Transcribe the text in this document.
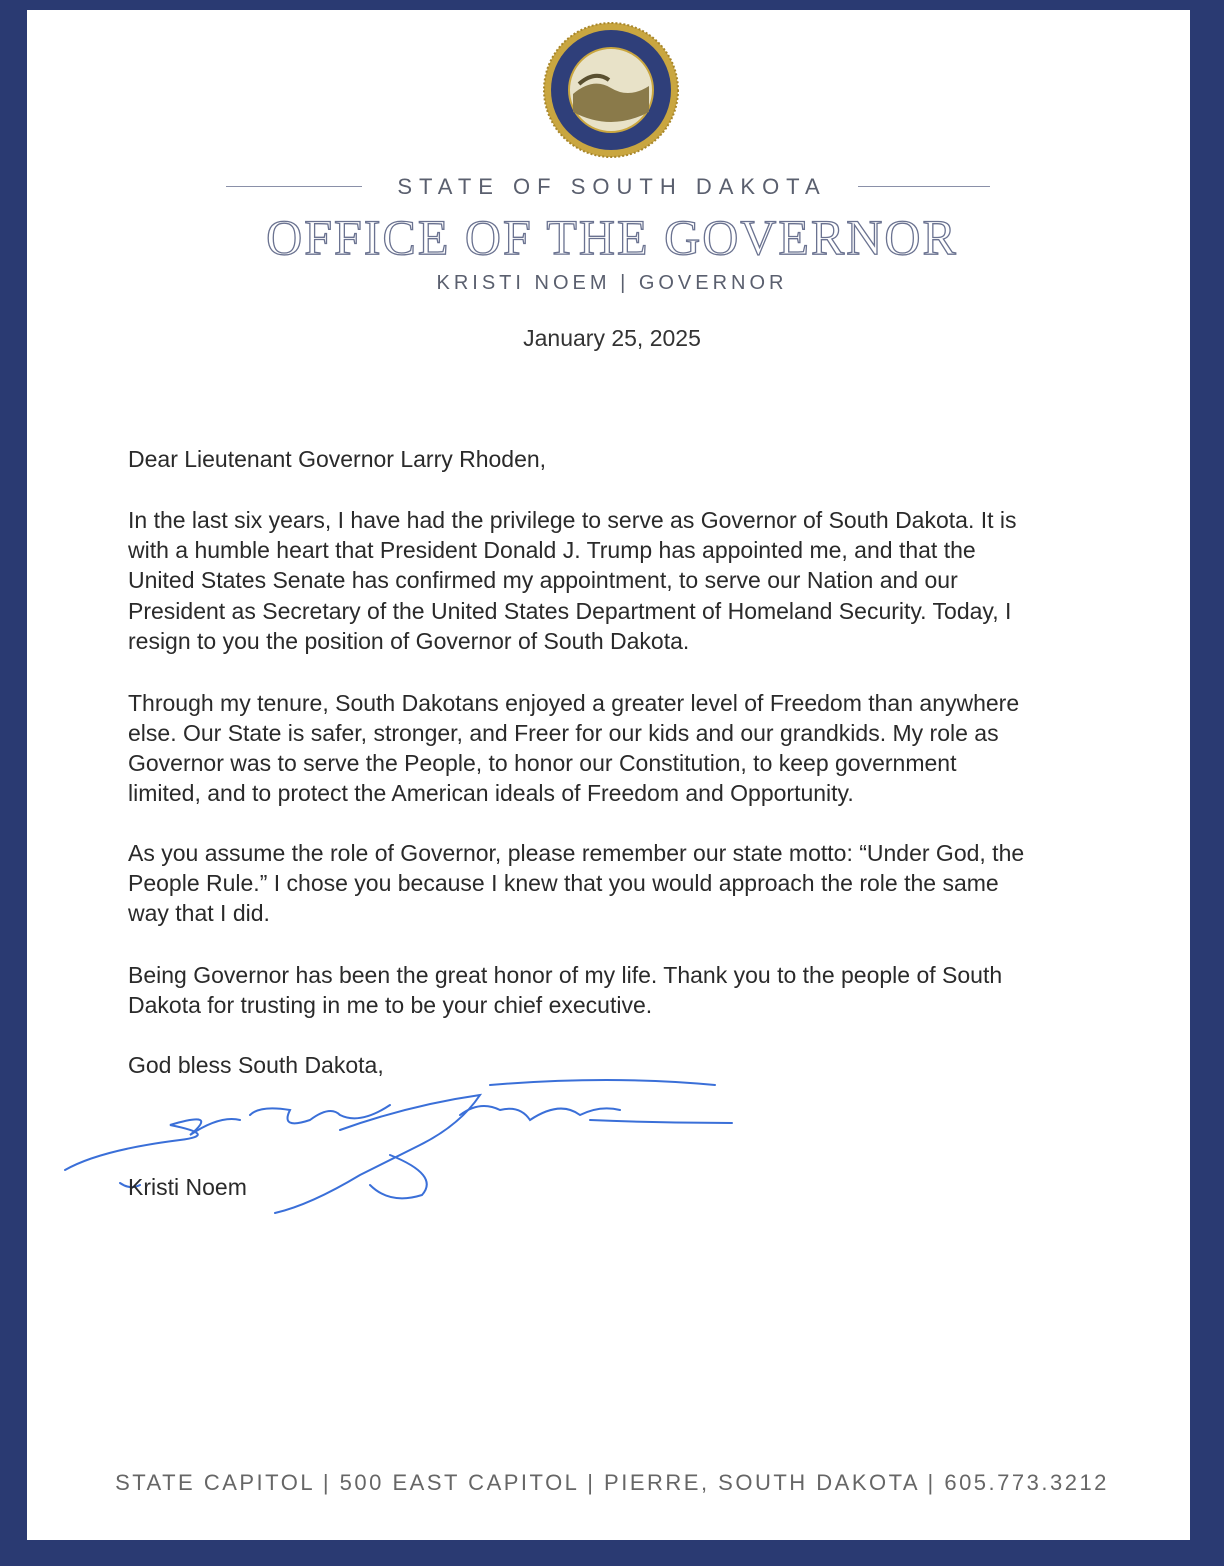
STATE OF SOUTH DAKOTA
OFFICE OF THE GOVERNOR
KRISTI NOEM | GOVERNOR
January 25, 2025
Dear Lieutenant Governor Larry Rhoden,
In the last six years, I have had the privilege to serve as Governor of South Dakota. It is
with a humble heart that President Donald J. Trump has appointed me, and that the
United States Senate has confirmed my appointment, to serve our Nation and our
President as Secretary of the United States Department of Homeland Security. Today, I
resign to you the position of Governor of South Dakota.
Through my tenure, South Dakotans enjoyed a greater level of Freedom than anywhere
else. Our State is safer, stronger, and Freer for our kids and our grandkids. My role as
Governor was to serve the People, to honor our Constitution, to keep government
limited, and to protect the American ideals of Freedom and Opportunity.
As you assume the role of Governor, please remember our state motto: “Under God, the
People Rule.” I chose you because I knew that you would approach the role the same
way that I did.
Being Governor has been the great honor of my life. Thank you to the people of South
Dakota for trusting in me to be your chief executive.
God bless South Dakota,
Kristi Noem
STATE CAPITOL | 500 EAST CAPITOL | PIERRE, SOUTH DAKOTA | 605.773.3212
